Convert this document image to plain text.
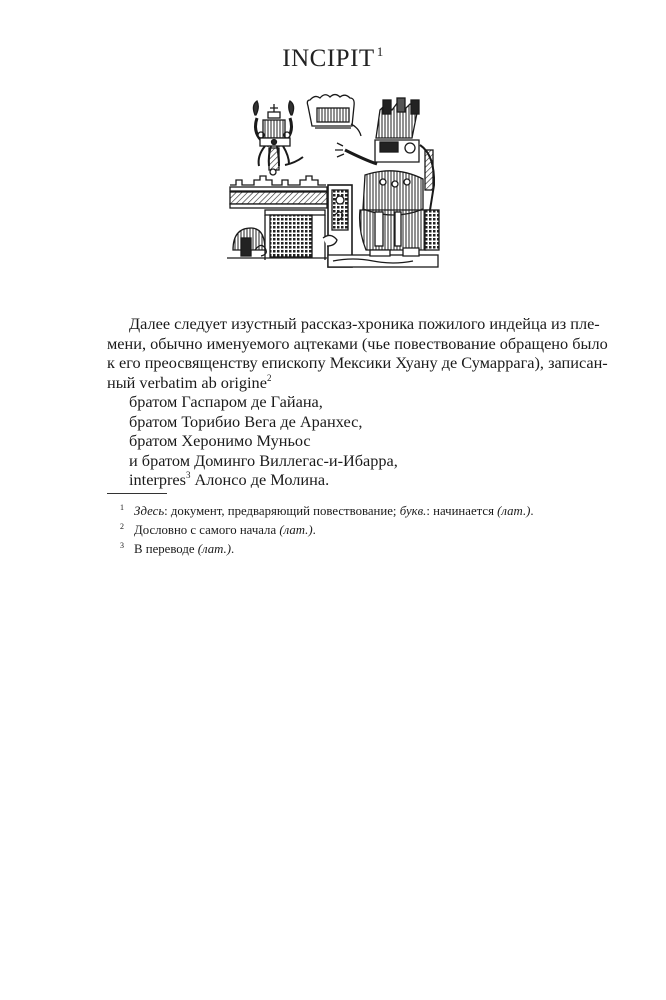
INCIPIT $^1$

Далее следует изустный рассказ-хроника пожилого индейца из пле-
мени, обычно именуемого ацтеками (чье повествование обращено было
к его преосвященству епископу Мексики Хуану де Сумаррага), записан-
ный verbatim ab origine$^2$

братом Гаспаром де Гайана,
братом Торибио Вега де Аранхес,
братом Херонимо Муньос
и братом Доминго Виллегас-и-Ибарра,
interpres$^3$ Алонсо де Молина.
1 Здесь: документ, предваряющий повествование; букв.: начинается (лат.).
2 Дословно с самого начала (лат.).
3 В переводе (лат.).
